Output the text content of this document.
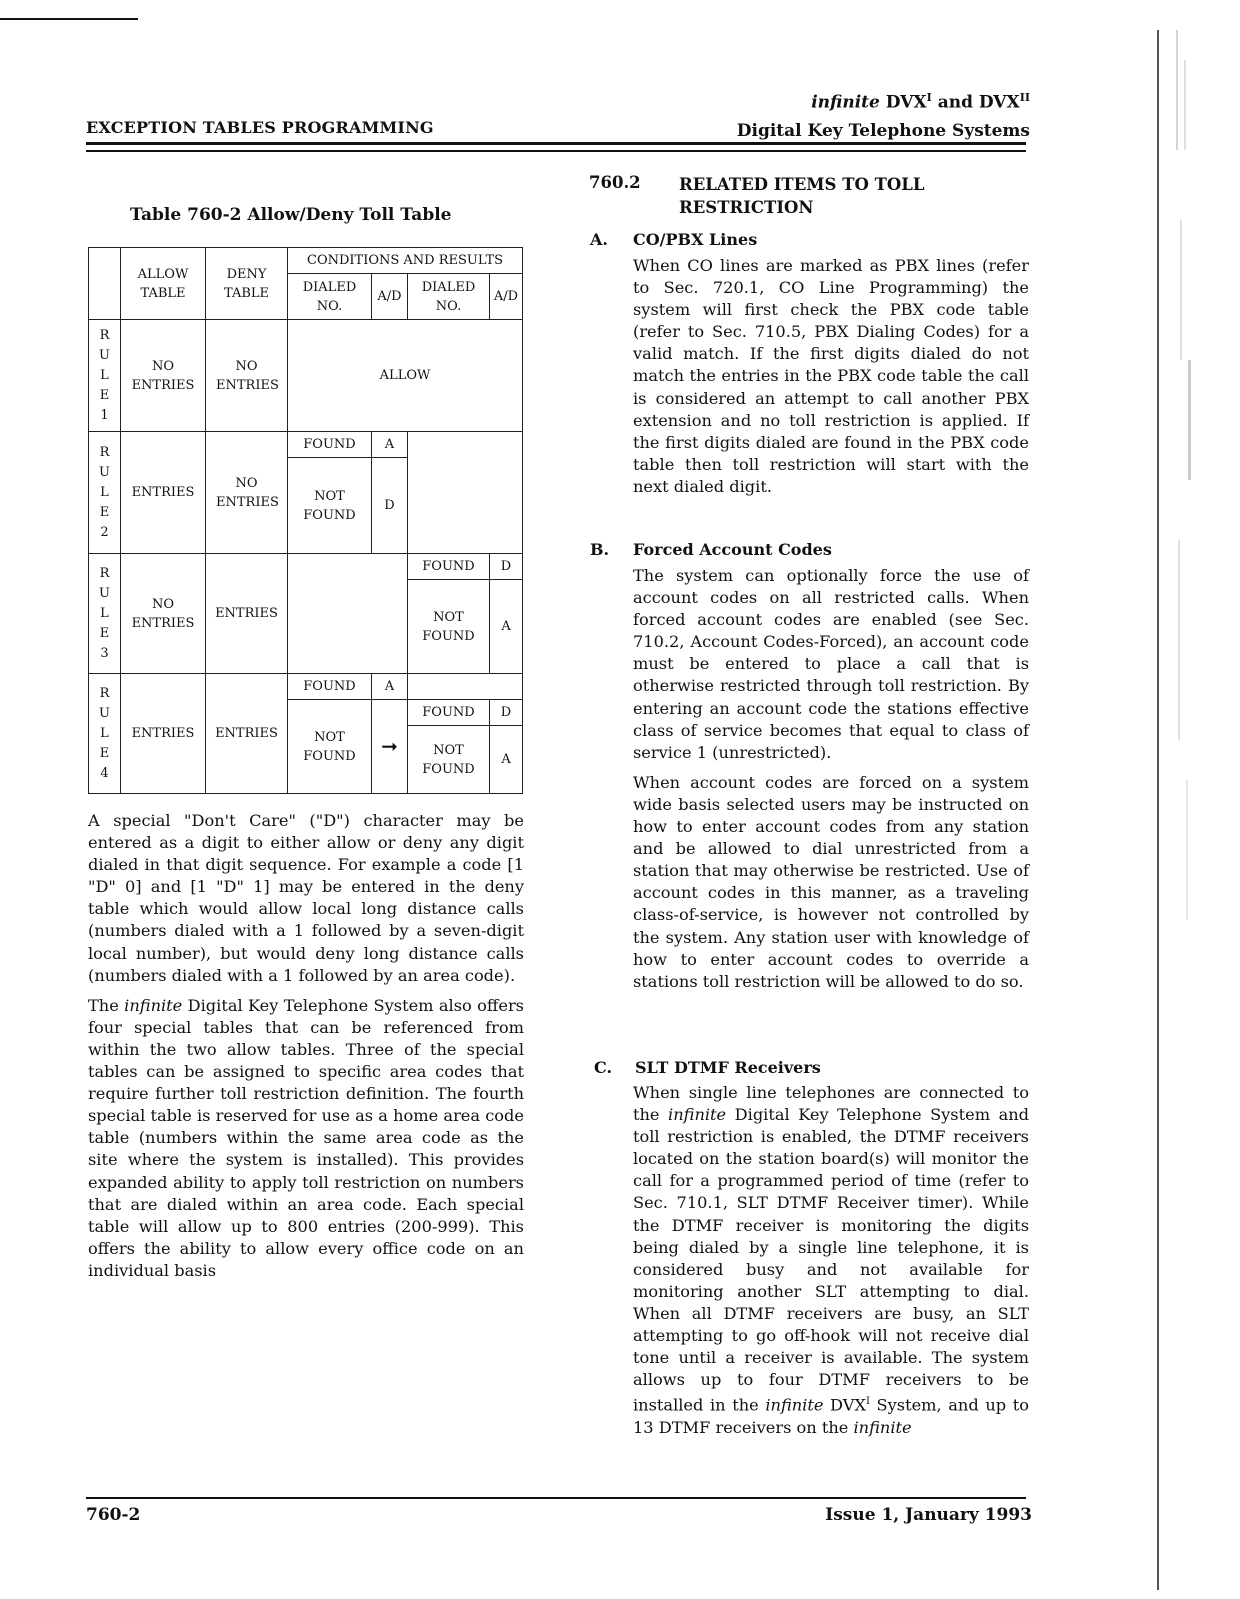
infinite $DVX^I$ and $DVX^{II}$
Digital Key Telephone Systems
EXCEPTION TABLES PROGRAMMING
Table 760-2 Allow/Deny Toll Table
	ALLOW TABLE	DENY TABLE	CONDITIONS AND RESULTS			
			DIALED NO.	A/D	DIALED NO.	A/D
R
U
L
E
1	NO ENTRIES	NO ENTRIES	ALLOW			
R
U
L
E
2	ENTRIES	NO ENTRIES	FOUND	A		
			NOT FOUND	D		
R
U
L
E
3	NO ENTRIES	ENTRIES			FOUND	D
					NOT FOUND	A
R
U
L
E
4	ENTRIES	ENTRIES	FOUND	A		
			NOT FOUND	➞	FOUND	D
					NOT FOUND	A

A special "Don't Care" ("D") character may be entered as a digit to either allow or deny any digit dialed in that digit sequence. For example a code [1 "D" 0] and [1 "D" 1] may be entered in the deny table which would allow local long distance calls (numbers dialed with a 1 followed by a seven-digit local number), but would deny long distance calls (numbers dialed with a 1 followed by an area code).

The infinite Digital Key Telephone System also offers four special tables that can be referenced from within the two allow tables. Three of the special tables can be assigned to specific area codes that require further toll restriction definition. The fourth special table is reserved for use as a home area code table (numbers within the same area code as the site where the system is installed). This provides expanded ability to apply toll restriction on numbers that are dialed within an area code. Each special table will allow up to 800 entries (200-999). This offers the ability to allow every office code on an individual basis

760.2 RELATED ITEMS TO TOLL RESTRICTION
A. CO/PBX Lines

When CO lines are marked as PBX lines (refer to Sec. 720.1, CO Line Programming) the system will first check the PBX code table (refer to Sec. 710.5, PBX Dialing Codes) for a valid match. If the first digits dialed do not match the entries in the PBX code table the call is considered an attempt to call another PBX extension and no toll restriction is applied. If the first digits dialed are found in the PBX code table then toll restriction will start with the next dialed digit.

B. Forced Account Codes

The system can optionally force the use of account codes on all restricted calls. When forced account codes are enabled (see Sec. 710.2, Account Codes-Forced), an account code must be entered to place a call that is otherwise restricted through toll restriction. By entering an account code the stations effective class of service becomes that equal to class of service 1 (unrestricted).

When account codes are forced on a system wide basis selected users may be instructed on how to enter account codes from any station and be allowed to dial unrestricted from a station that may otherwise be restricted. Use of account codes in this manner, as a traveling class-of-service, is however not controlled by the system. Any station user with knowledge of how to enter account codes to override a stations toll restriction will be allowed to do so.

C. SLT DTMF Receivers

When single line telephones are connected to the infinite Digital Key Telephone System and toll restriction is enabled, the DTMF receivers located on the station board(s) will monitor the call for a programmed period of time (refer to Sec. 710.1, SLT DTMF Receiver timer). While the DTMF receiver is monitoring the digits being dialed by a single line telephone, it is considered busy and not available for monitoring another SLT attempting to dial. When all DTMF receivers are busy, an SLT attempting to go off-hook will not receive dial tone until a receiver is available. The system allows up to four DTMF receivers to be installed in the infinite $DVX^I$ System, and up to 13 DTMF receivers on the infinite

760-2	Issue 1, January 1993
